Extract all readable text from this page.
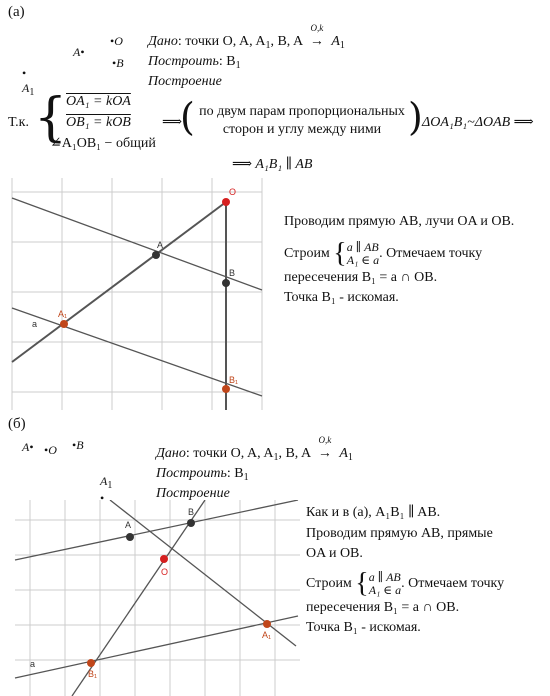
(а)
•O
A•
•B
•
$A_1$
Дано: точки O, A, $A_1$, B, A
O,k
→ $A_1$
Построить: $B_1$
Построение
Т.к. {
OA₁ = kOA
OB₁ = kOB
∠A₁OB₁ − общий
⟹
( по двум парам пропорциональных
сторон и углу между ними ) ΔOA₁B₁~ΔOAB ⟹
⟹ A₁B₁ ∥ AB
O
A
B
A₁
B₁
a
Проводим прямую AB, лучи OA и OB.
Строим {a ∥ AB
A₁ ∈ a. Отмечаем точку
пересечения B₁ = a ∩ OB.
Точка B₁ - искомая.
(б)
A• •O •B
$A_1$
•
Дано: точки O, A, $A_1$, B, A
O,k
→ $A_1$
Построить: $B_1$
Построение
A
B
O
A₁
B₁
a
Как и в (а), A₁B₁ ∥ AB.
Проводим прямую AB, прямые
OA и OB.
Строим {a ∥ AB
A₁ ∈ a. Отмечаем точку
пересечения B₁ = a ∩ OB.
Точка B₁ - искомая.
